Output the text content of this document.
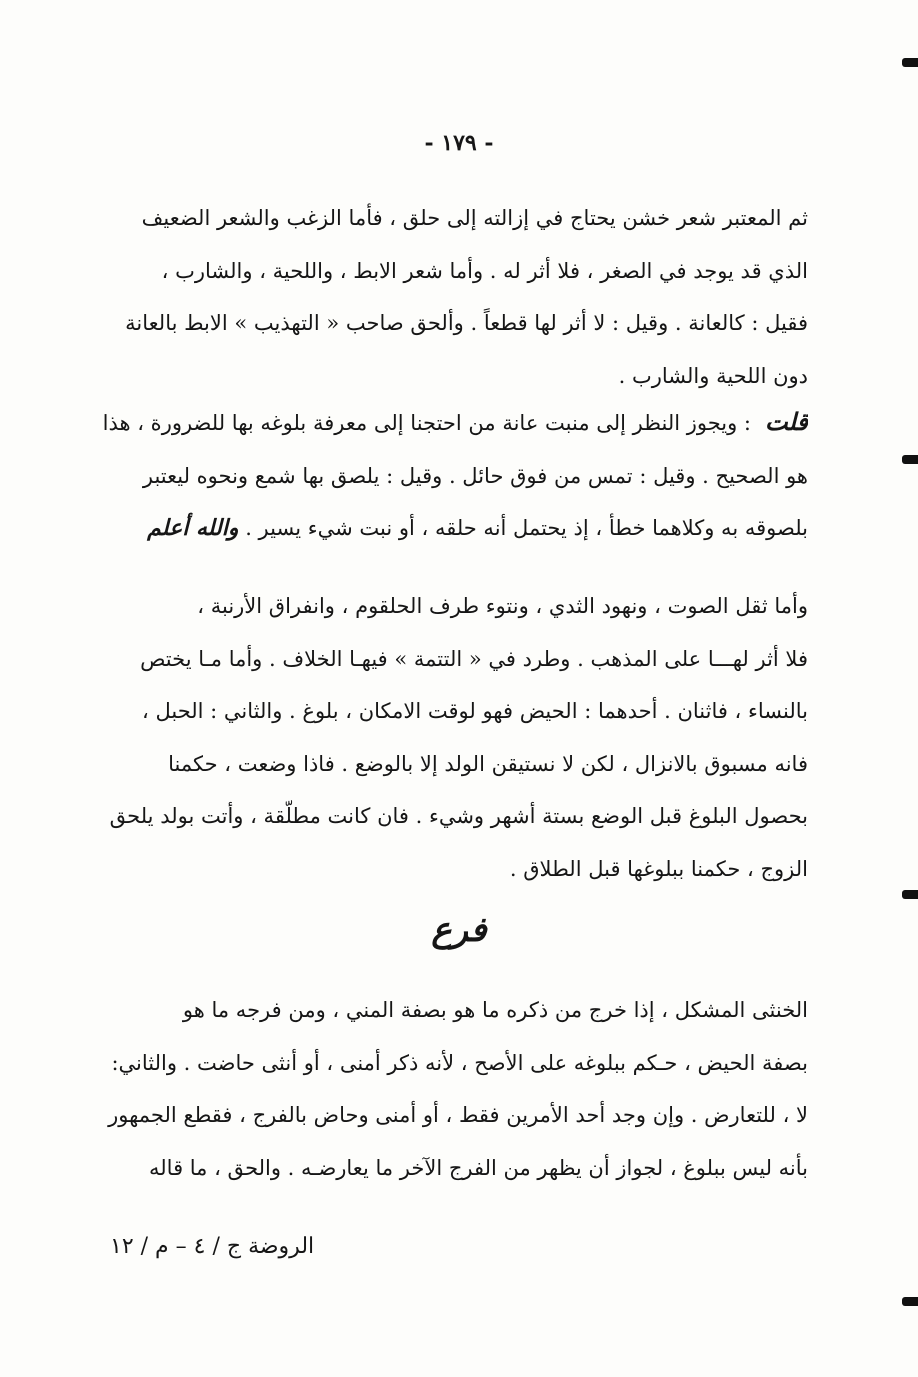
- ١٧٩ -
ثم المعتبر شعر خشن يحتاج في إزالته إلى حلق ، فأما الزغب والشعر الضعيف
الذي قد يوجد في الصغر ، فلا أثر له . وأما شعر الابط ، واللحية ، والشارب ،
فقيل : كالعانة . وقيل : لا أثر لها قطعاً . وألحق صاحب « التهذيب » الابط بالعانة
دون اللحية والشارب .
قلت: ويجوز النظر إلى منبت عانة من احتجنا إلى معرفة بلوغه بها للضرورة ، هذا
هو الصحيح . وقيل : تمس من فوق حائل . وقيل : يلصق بها شمع ونحوه ليعتبر
بلصوقه به وكلاهما خطأ ، إذ يحتمل أنه حلقه ، أو نبت شيء يسير . والله أعلم
وأما ثقل الصوت ، ونهود الثدي ، ونتوء طرف الحلقوم ، وانفراق الأرنبة ،
فلا أثر لهـــا على المذهب . وطرد في « التتمة » فيهـا الخلاف . وأما مـا يختص
بالنساء ، فاثنان . أحدهما : الحيض فهو لوقت الامكان ، بلوغ . والثاني : الحبل ،
فانه مسبوق بالانزال ، لكن لا نستيقن الولد إلا بالوضع . فاذا وضعت ، حكمنا
بحصول البلوغ قبل الوضع بستة أشهر وشيء . فان كانت مطلّقة ، وأتت بولد يلحق
الزوج ، حكمنا ببلوغها قبل الطلاق .
فرع
الخنثى المشكل ، إذا خرج من ذكره ما هو بصفة المني ، ومن فرجه ما هو
بصفة الحيض ، حـكم ببلوغه على الأصح ، لأنه ذكر أمنى ، أو أنثى حاضت . والثاني:
لا ، للتعارض . وإن وجد أحد الأمرين فقط ، أو أمنى وحاض بالفرج ، فقطع الجمهور
بأنه ليس ببلوغ ، لجواز أن يظهر من الفرج الآخر ما يعارضـه . والحق ، ما قاله
الروضة ج / ٤ – م / ١٢
